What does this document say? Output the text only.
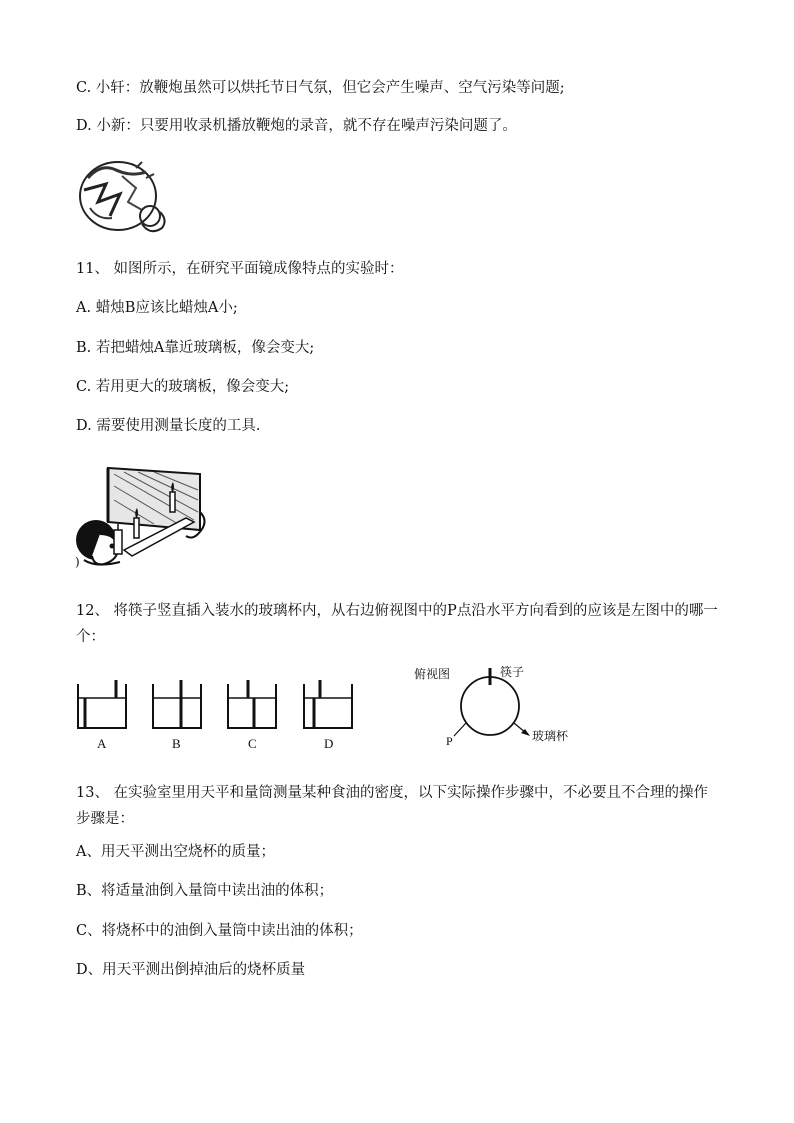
C. 小轩：放鞭炮虽然可以烘托节日气氛，但它会产生噪声、空气污染等问题;
D. 小新：只要用收录机播放鞭炮的录音，就不存在噪声污染问题了。
11、 如图所示，在研究平面镜成像特点的实验时：
A. 蜡烛B应该比蜡烛A小;
B. 若把蜡烛A靠近玻璃板，像会变大;
C. 若用更大的玻璃板，像会变大;
D. 需要使用测量长度的工具.
)
12、 将筷子竖直插入装水的玻璃杯内，从右边俯视图中的P点沿水平方向看到的应该是左图中的哪一个：
A	B	C	D
俯视图	筷子
P	玻璃杯
13、 在实验室里用天平和量筒测量某种食油的密度，以下实际操作步骤中，不必要且不合理的操作步骤是：
A、用天平测出空烧杯的质量；
B、将适量油倒入量筒中读出油的体积；
C、将烧杯中的油倒入量筒中读出油的体积；
D、用天平测出倒掉油后的烧杯质量
